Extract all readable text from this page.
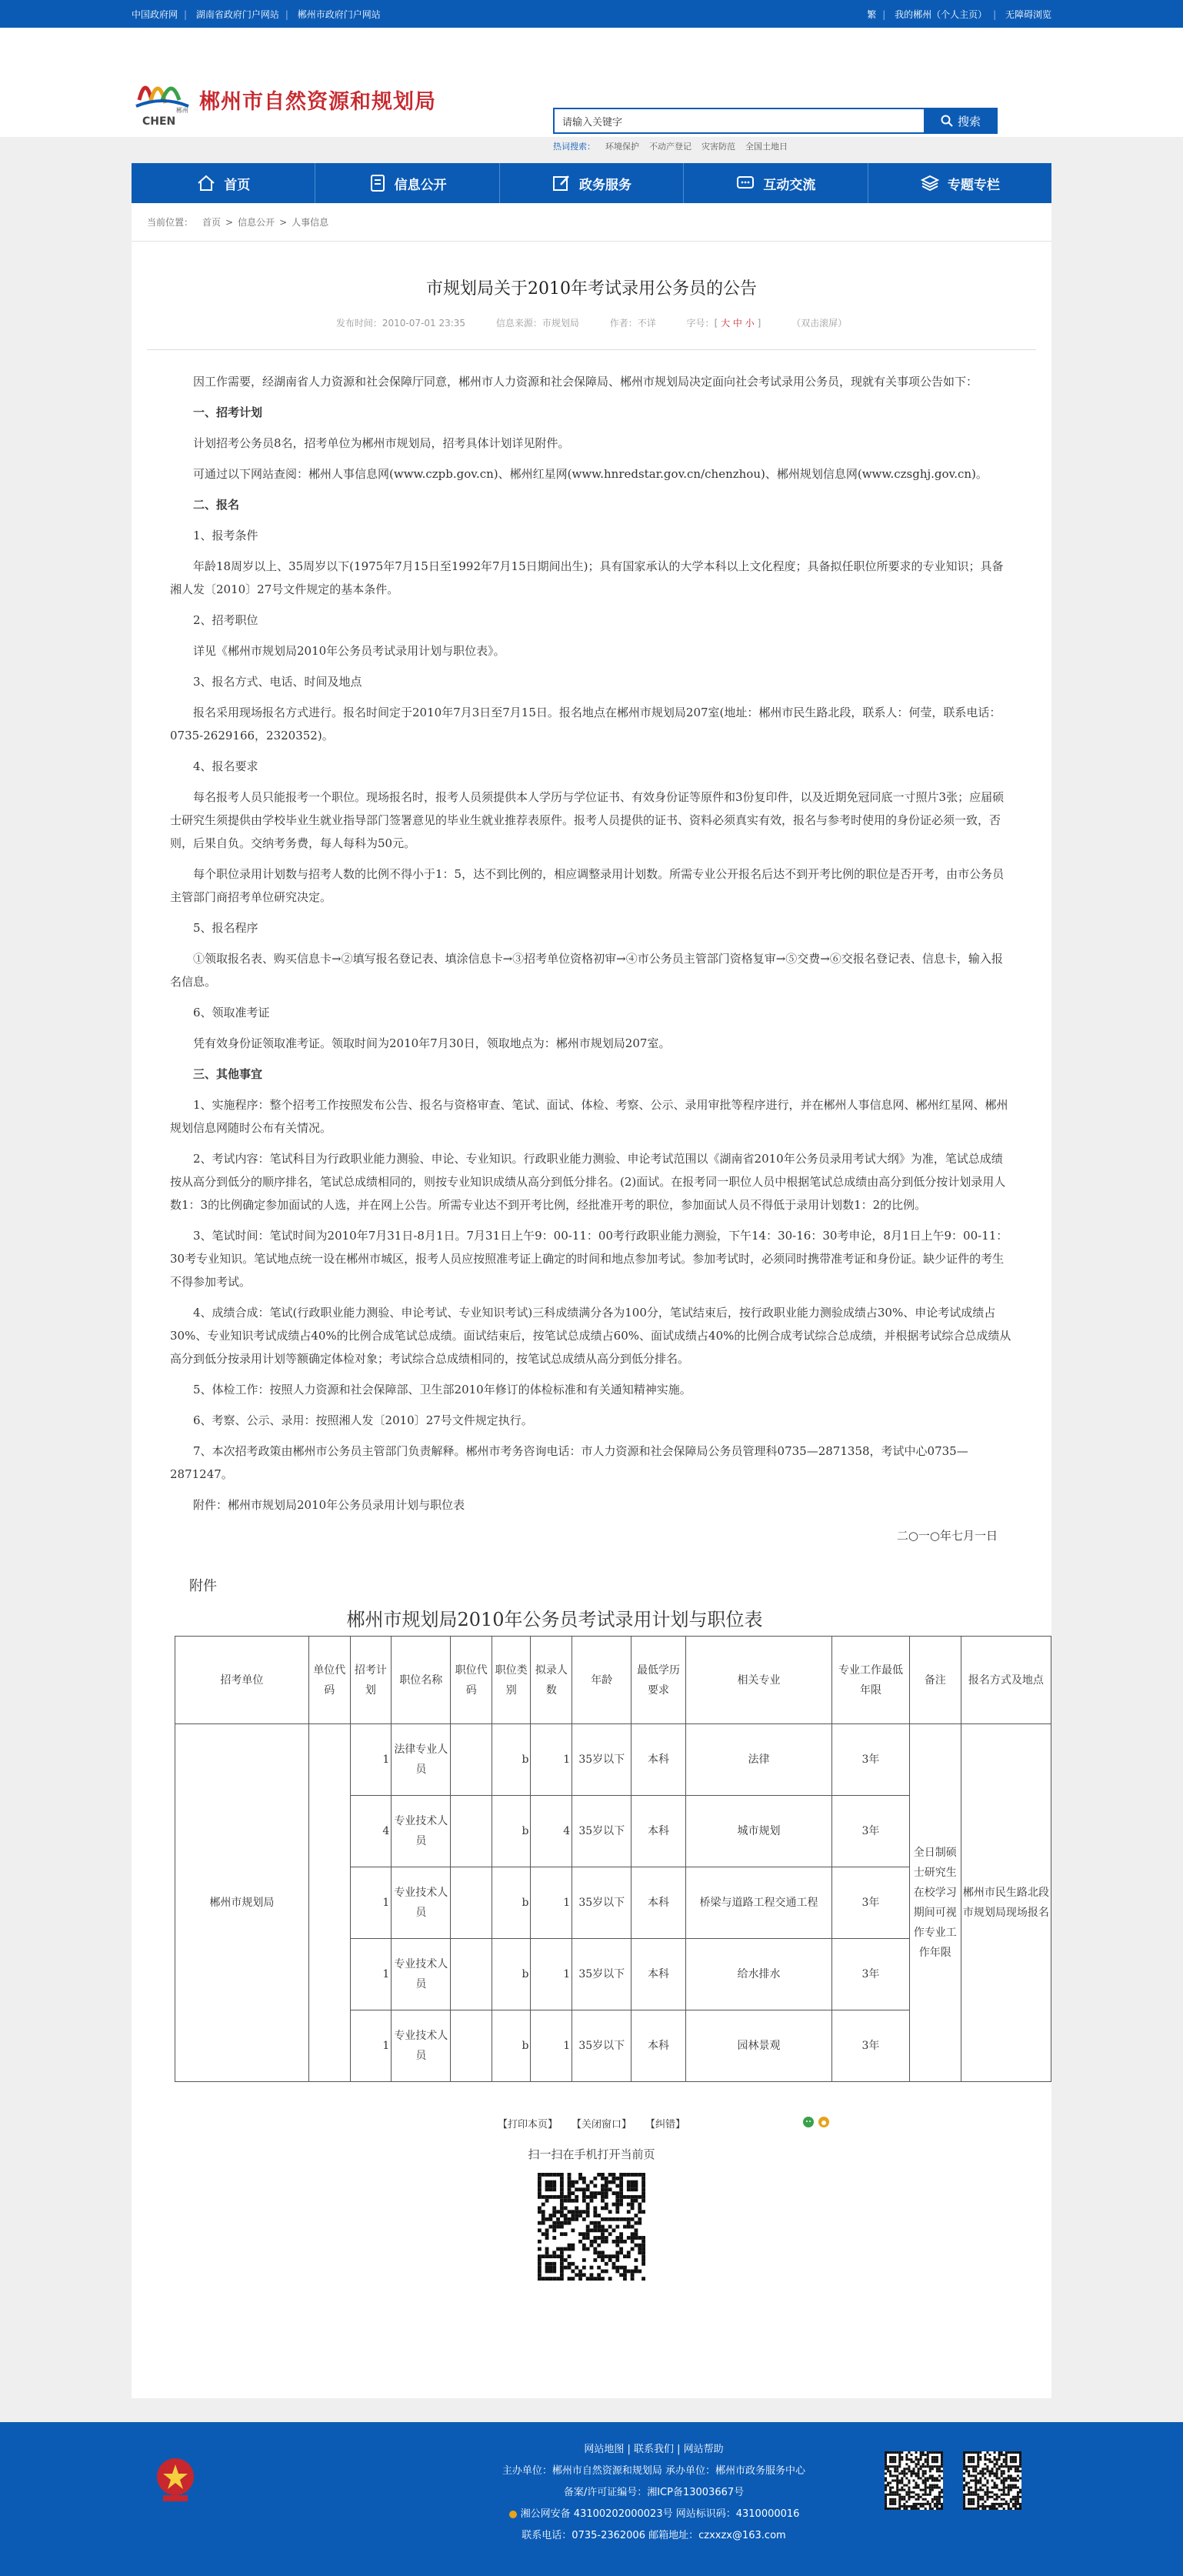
中国政府网 | 湖南省政府门户网站 | 郴州市政府门户网站	繁 | 我的郴州（个人主页） | 无障碍浏览
郴州
CHEN
郴州市自然资源和规划局
请输入关键字	搜索
热词搜索： 环境保护 不动产登记 灾害防范 全国土地日
首页	信息公开	政务服务	互动交流	专题专栏
当前位置： 首页 > 信息公开 > 人事信息
市规划局关于2010年考试录用公务员的公告
发布时间：2010-07-01 23:35	信息来源：市规划局	作者：不详	字号：[ 大 中 小 ]	（双击滚屏）

因工作需要，经湖南省人力资源和社会保障厅同意，郴州市人力资源和社会保障局、郴州市规划局决定面向社会考试录用公务员，现就有关事项公告如下：

一、招考计划

计划招考公务员8名，招考单位为郴州市规划局，招考具体计划详见附件。

可通过以下网站查阅：郴州人事信息网(www.czpb.gov.cn)、郴州红星网(www.hnredstar.gov.cn/chenzhou)、郴州规划信息网(www.czsghj.gov.cn)。

二、报名

1、报考条件

年龄18周岁以上、35周岁以下(1975年7月15日至1992年7月15日期间出生)；具有国家承认的大学本科以上文化程度；具备拟任职位所要求的专业知识；具备湘人发〔2010〕27号文件规定的基本条件。

2、招考职位

详见《郴州市规划局2010年公务员考试录用计划与职位表》。

3、报名方式、电话、时间及地点

报名采用现场报名方式进行。报名时间定于2010年7月3日至7月15日。报名地点在郴州市规划局207室(地址：郴州市民生路北段，联系人：何莹，联系电话：0735-2629166，2320352)。

4、报名要求

每名报考人员只能报考一个职位。现场报名时，报考人员须提供本人学历与学位证书、有效身份证等原件和3份复印件，以及近期免冠同底一寸照片3张；应届硕士研究生须提供由学校毕业生就业指导部门签署意见的毕业生就业推荐表原件。报考人员提供的证书、资料必须真实有效，报名与参考时使用的身份证必须一致，否则，后果自负。交纳考务费，每人每科为50元。

每个职位录用计划数与招考人数的比例不得小于1：5，达不到比例的，相应调整录用计划数。所需专业公开报名后达不到开考比例的职位是否开考，由市公务员主管部门商招考单位研究决定。

5、报名程序

①领取报名表、购买信息卡→②填写报名登记表、填涂信息卡→③招考单位资格初审→④市公务员主管部门资格复审→⑤交费→⑥交报名登记表、信息卡，输入报名信息。

6、领取准考证

凭有效身份证领取准考证。领取时间为2010年7月30日，领取地点为：郴州市规划局207室。

三、其他事宜

1、实施程序：整个招考工作按照发布公告、报名与资格审查、笔试、面试、体检、考察、公示、录用审批等程序进行，并在郴州人事信息网、郴州红星网、郴州规划信息网随时公布有关情况。

2、考试内容：笔试科目为行政职业能力测验、申论、专业知识。行政职业能力测验、申论考试范围以《湖南省2010年公务员录用考试大纲》为准，笔试总成绩按从高分到低分的顺序排名，笔试总成绩相同的，则按专业知识成绩从高分到低分排名。(2)面试。在报考同一职位人员中根据笔试总成绩由高分到低分按计划录用人数1：3的比例确定参加面试的人选，并在网上公告。所需专业达不到开考比例，经批准开考的职位，参加面试人员不得低于录用计划数1：2的比例。

3、笔试时间：笔试时间为2010年7月31日-8月1日。7月31日上午9：00-11：00考行政职业能力测验，下午14：30-16：30考申论，8月1日上午9：00-11：30考专业知识。笔试地点统一设在郴州市城区，报考人员应按照准考证上确定的时间和地点参加考试。参加考试时，必须同时携带准考证和身份证。缺少证件的考生不得参加考试。

4、成绩合成：笔试(行政职业能力测验、申论考试、专业知识考试)三科成绩满分各为100分，笔试结束后，按行政职业能力测验成绩占30%、申论考试成绩占30%、专业知识考试成绩占40%的比例合成笔试总成绩。面试结束后，按笔试总成绩占60%、面试成绩占40%的比例合成考试综合总成绩，并根据考试综合总成绩从高分到低分按录用计划等额确定体检对象；考试综合总成绩相同的，按笔试总成绩从高分到低分排名。

5、体检工作：按照人力资源和社会保障部、卫生部2010年修订的体检标准和有关通知精神实施。

6、考察、公示、录用：按照湘人发〔2010〕27号文件规定执行。

7、本次招考政策由郴州市公务员主管部门负责解释。郴州市考务咨询电话：市人力资源和社会保障局公务员管理科0735—2871358，考试中心0735—2871247。

附件：郴州市规划局2010年公务员录用计划与职位表

二○一○年七月一日

附件
郴州市规划局2010年公务员考试录用计划与职位表
招考单位	单位代码	招考计划	职位名称	职位代码	职位类别	拟录人数	年龄	最低学历要求	相关专业	专业工作最低年限	备注	报名方式及地点
郴州市规划局		1	法律专业人员		b	1	35岁以下	本科	法律	3年	全日制硕士研究生在校学习期间可视作专业工作年限	郴州市民生路北段市规划局现场报名
		4	专业技术人员		b	4	35岁以下	本科	城市规划	3年		
		1	专业技术人员		b	1	35岁以下	本科	桥梁与道路工程交通工程	3年		
		1	专业技术人员		b	1	35岁以下	本科	给水排水	3年		
		1	专业技术人员		b	1	35岁以下	本科	园林景观	3年		
【打印本页】 【关闭窗口】 【纠错】
扫一扫在手机打开当前页
网站地图 | 联系我们 | 网站帮助
主办单位：郴州市自然资源和规划局 承办单位：郴州市政务服务中心
备案/许可证编号：湘ICP备13003667号
湘公网安备 43100202000023号 网站标识码：4310000016
联系电话：0735-2362006 邮箱地址：czxxzx@163.com
